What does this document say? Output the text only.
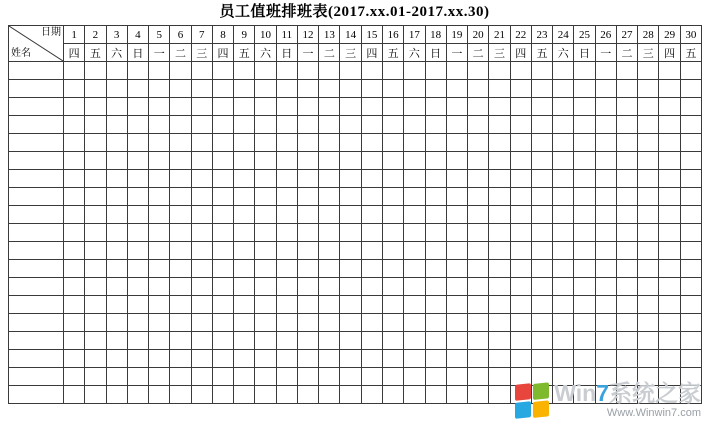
员工值班排班表(2017.xx.01-2017.xx.30)
日期
姓名	1	2	3	4	5	6	7	8	9	10	11	12	13	14	15	16	17	18	19	20	21	22	23	24	25	26	27	28	29	30
	四	五	六	日	一	二	三	四	五	六	日	一	二	三	四	五	六	日	一	二	三	四	五	六	日	一	二	三	四	五

Win7系统之家
Www.Winwin7.com
